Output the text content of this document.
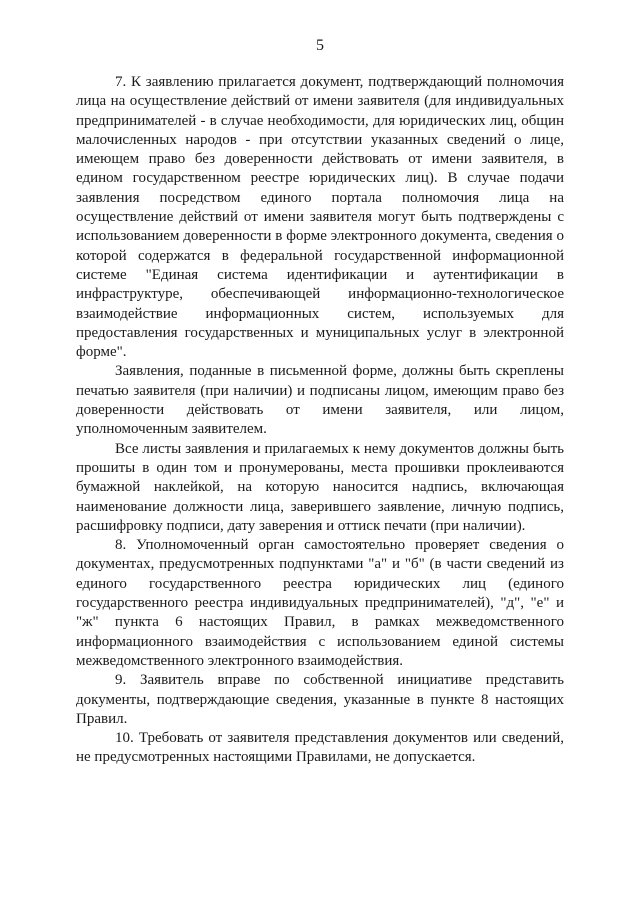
5

7. К заявлению прилагается документ, подтверждающий полномочия лица на осуществление действий от имени заявителя (для индивидуальных предпринимателей - в случае необходимости, для юридических лиц, общин малочисленных народов - при отсутствии указанных сведений о лице, имеющем право без доверенности действовать от имени заявителя, в едином государственном реестре юридических лиц). В случае подачи заявления посредством единого портала полномочия лица на осуществление действий от имени заявителя могут быть подтверждены с использованием доверенности в форме электронного документа, сведения о которой содержатся в федеральной государственной информационной системе "Единая система идентификации и аутентификации в инфраструктуре, обеспечивающей информационно-технологическое взаимодействие информационных систем, используемых для предоставления государственных и муниципальных услуг в электронной форме".

Заявления, поданные в письменной форме, должны быть скреплены печатью заявителя (при наличии) и подписаны лицом, имеющим право без доверенности действовать от имени заявителя, или лицом, уполномоченным заявителем.

Все листы заявления и прилагаемых к нему документов должны быть прошиты в один том и пронумерованы, места прошивки проклеиваются бумажной наклейкой, на которую наносится надпись, включающая наименование должности лица, заверившего заявление, личную подпись, расшифровку подписи, дату заверения и оттиск печати (при наличии).

8. Уполномоченный орган самостоятельно проверяет сведения о документах, предусмотренных подпунктами "а" и "б" (в части сведений из единого государственного реестра юридических лиц (единого государственного реестра индивидуальных предпринимателей), "д", "е" и "ж" пункта 6 настоящих Правил, в рамках межведомственного информационного взаимодействия с использованием единой системы межведомственного электронного взаимодействия.

9. Заявитель вправе по собственной инициативе представить документы, подтверждающие сведения, указанные в пункте 8 настоящих Правил.

10. Требовать от заявителя представления документов или сведений, не предусмотренных настоящими Правилами, не допускается.
